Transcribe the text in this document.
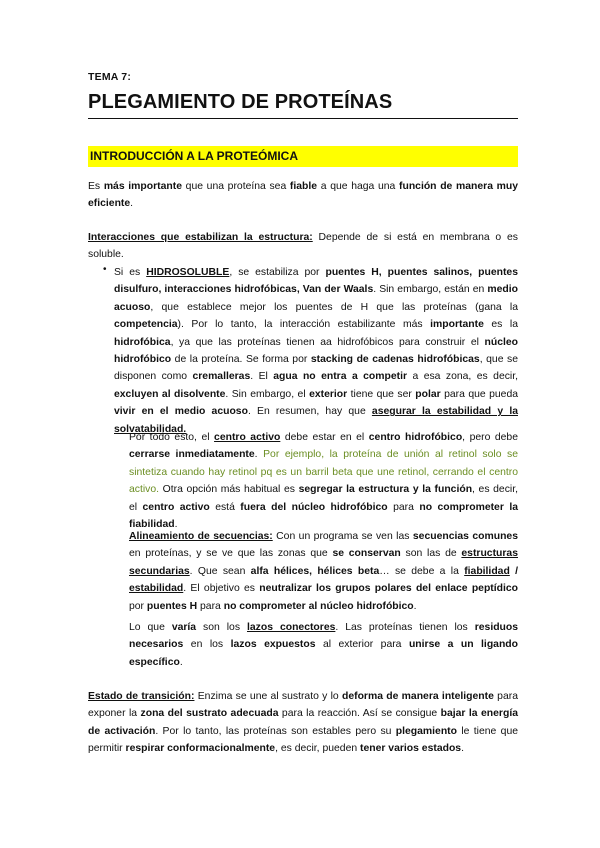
TEMA 7:
PLEGAMIENTO DE PROTEÍNAS
INTRODUCCIÓN A LA PROTEÓMICA
Es más importante que una proteína sea fiable a que haga una función de manera muy eficiente.
Interacciones que estabilizan la estructura: Depende de si está en membrana o es soluble.
• Si es HIDROSOLUBLE, se estabiliza por puentes H, puentes salinos, puentes disulfuro, interacciones hidrofóbicas, Van der Waals. Sin embargo, están en medio acuoso, que establece mejor los puentes de H que las proteínas (gana la competencia). Por lo tanto, la interacción estabilizante más importante es la hidrofóbica, ya que las proteínas tienen aa hidrofóbicos para construir el núcleo hidrofóbico de la proteína. Se forma por stacking de cadenas hidrofóbicas, que se disponen como cremalleras. El agua no entra a competir a esa zona, es decir, excluyen al disolvente. Sin embargo, el exterior tiene que ser polar para que pueda vivir en el medio acuoso. En resumen, hay que asegurar la estabilidad y la solvatabilidad.
Por todo esto, el centro activo debe estar en el centro hidrofóbico, pero debe cerrarse inmediatamente. Por ejemplo, la proteína de unión al retinol solo se sintetiza cuando hay retinol pq es un barril beta que une retinol, cerrando el centro activo. Otra opción más habitual es segregar la estructura y la función, es decir, el centro activo está fuera del núcleo hidrofóbico para no comprometer la fiabilidad.
Alineamiento de secuencias: Con un programa se ven las secuencias comunes en proteínas, y se ve que las zonas que se conservan son las de estructuras secundarias. Que sean alfa hélices, hélices beta… se debe a la fiabilidad / estabilidad. El objetivo es neutralizar los grupos polares del enlace peptídico por puentes H para no comprometer al núcleo hidrofóbico.
Lo que varía son los lazos conectores. Las proteínas tienen los residuos necesarios en los lazos expuestos al exterior para unirse a un ligando específico.
Estado de transición: Enzima se une al sustrato y lo deforma de manera inteligente para exponer la zona del sustrato adecuada para la reacción. Así se consigue bajar la energía de activación. Por lo tanto, las proteínas son estables pero su plegamiento le tiene que permitir respirar conformacionalmente, es decir, pueden tener varios estados.
